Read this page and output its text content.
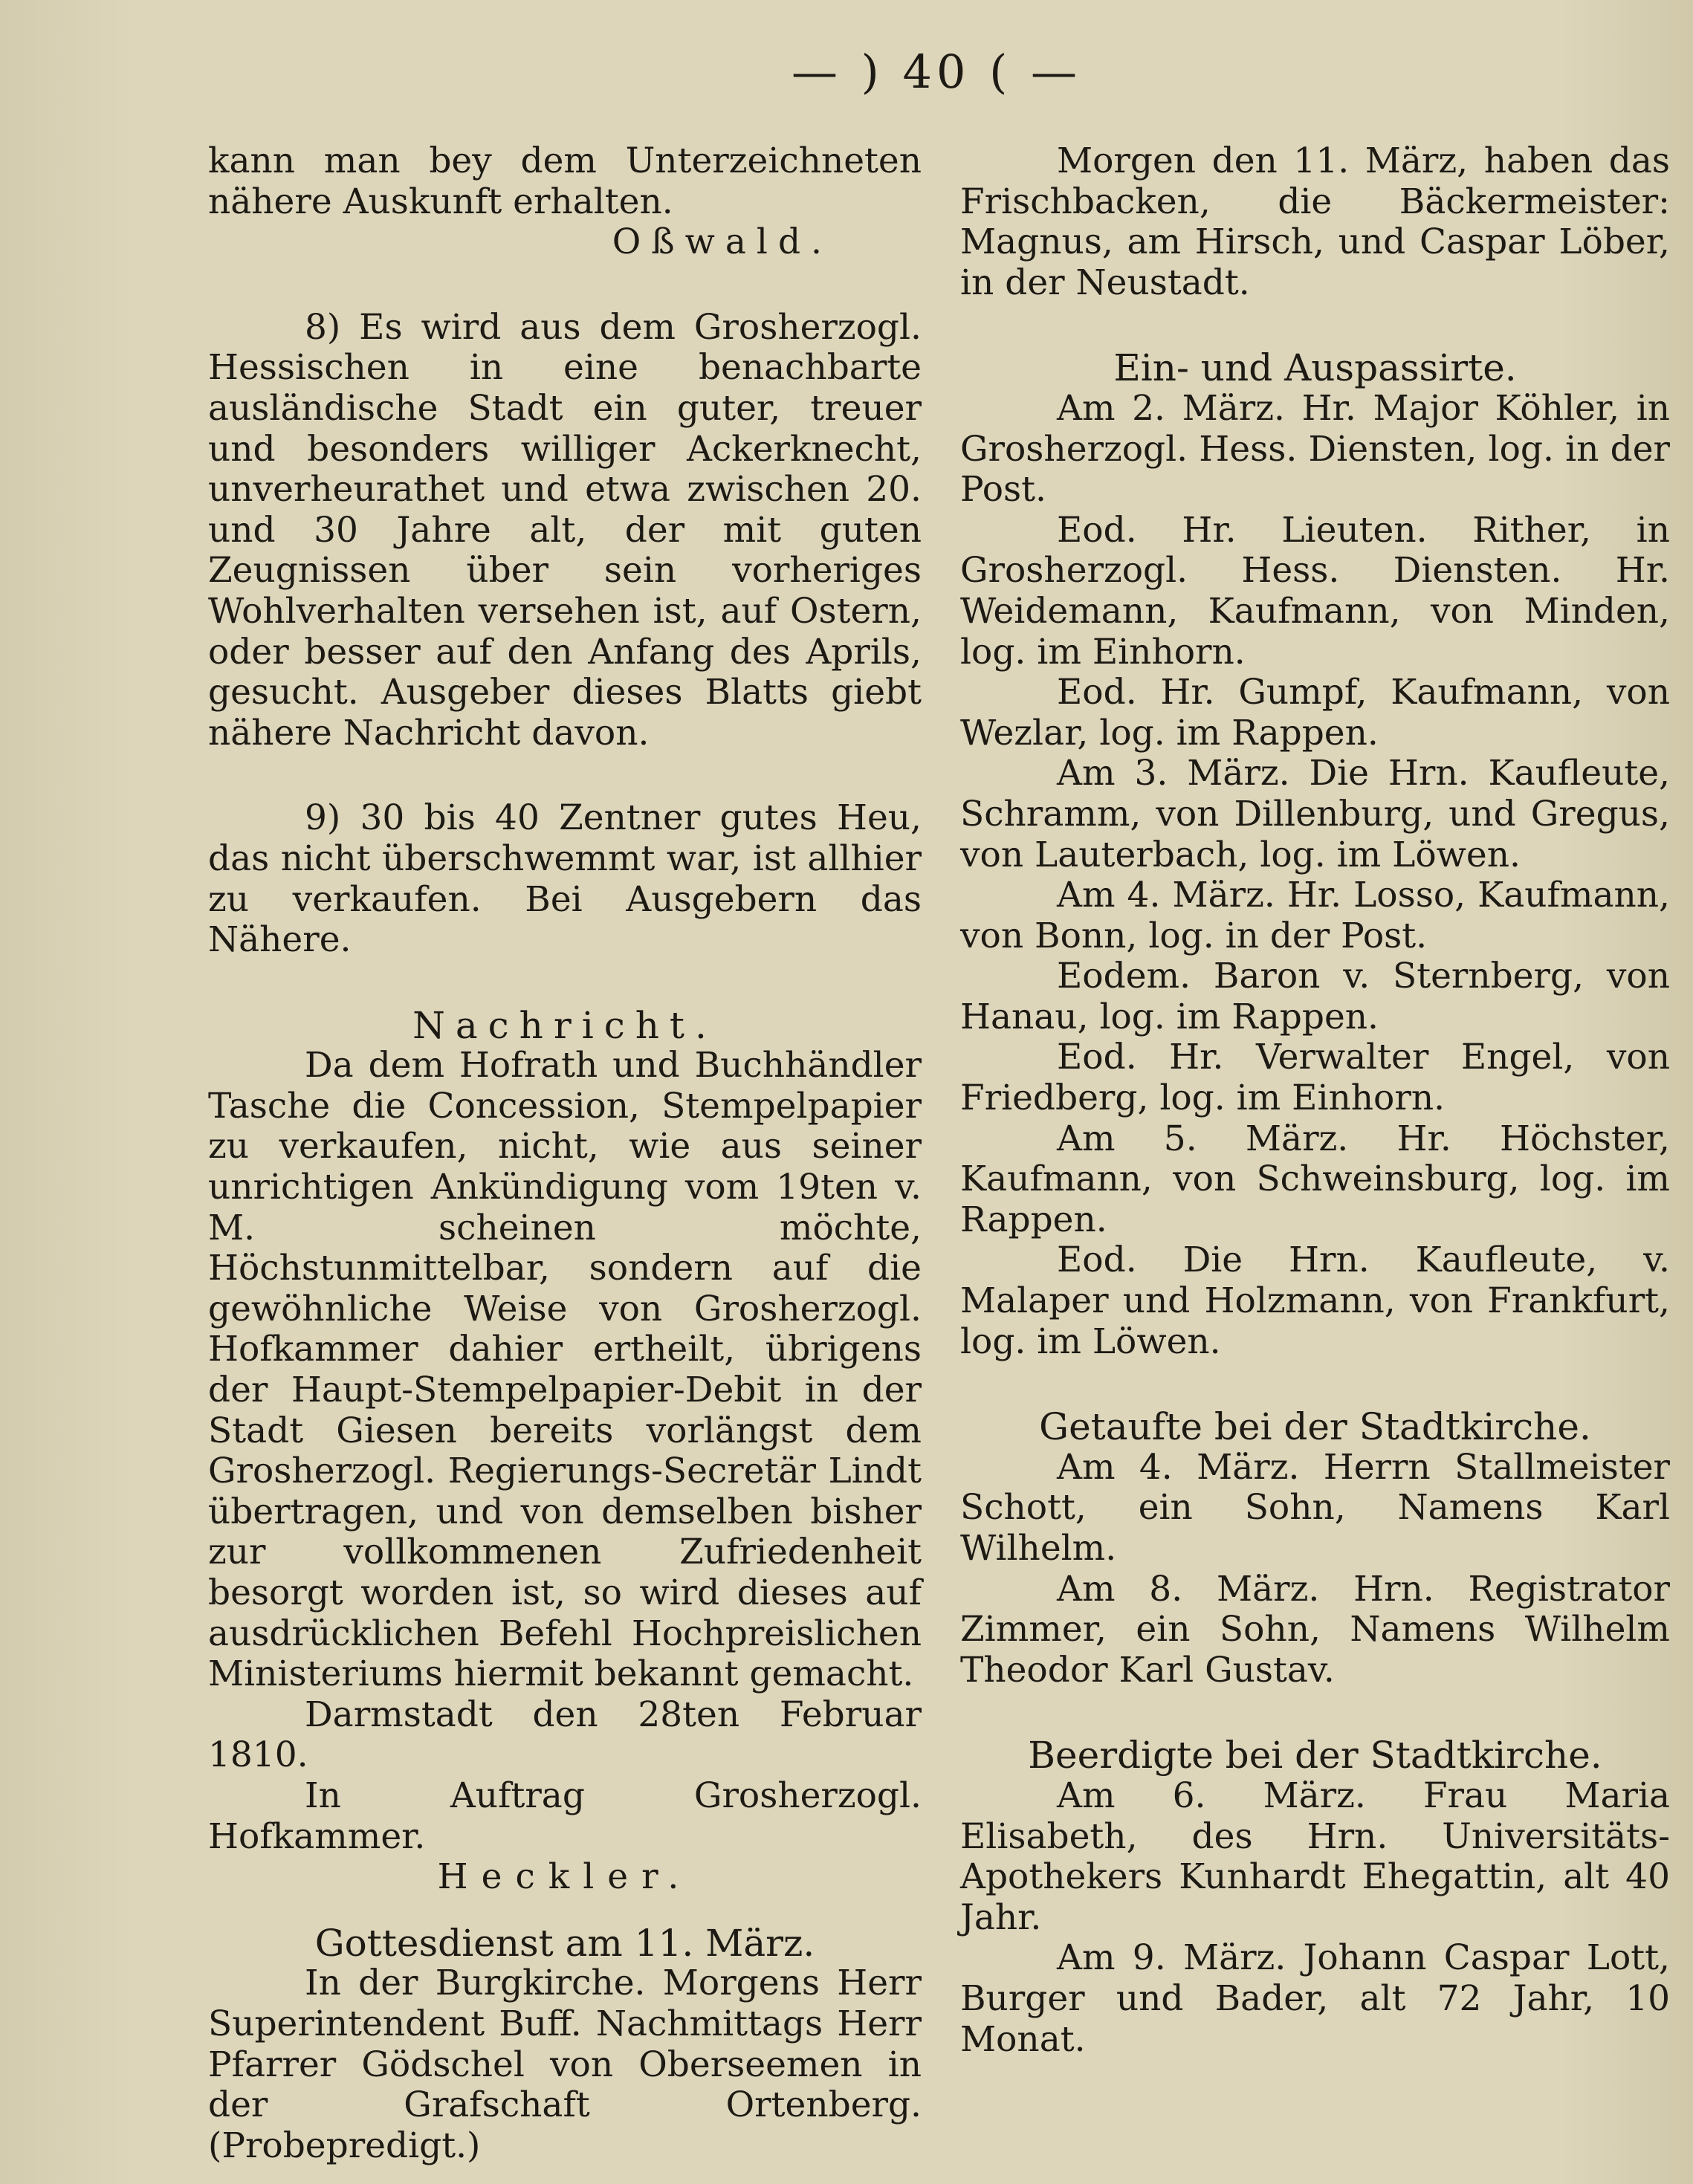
— ) 40 ( —

kann man bey dem Unterzeichneten nähere Auskunft erhalten.

Oßwald.

8) Es wird aus dem Grosherzogl. Hessischen in eine benachbarte ausländische Stadt ein guter, treuer und besonders williger Ackerknecht, unverheurathet und etwa zwischen 20. und 30 Jahre alt, der mit guten Zeugnissen über sein vorheriges Wohlverhalten versehen ist, auf Ostern, oder besser auf den Anfang des Aprils, gesucht. Ausgeber dieses Blatts giebt nähere Nachricht davon.

9) 30 bis 40 Zentner gutes Heu, das nicht überschwemmt war, ist allhier zu verkaufen. Bei Ausgebern das Nähere.

Nachricht.

Da dem Hofrath und Buchhändler Tasche die Concession, Stempelpapier zu verkaufen, nicht, wie aus seiner unrichtigen Ankündigung vom 19ten v. M. scheinen möchte, Höchstunmittelbar, sondern auf die gewöhnliche Weise von Grosherzogl. Hofkammer dahier ertheilt, übrigens der Haupt-Stempelpapier-Debit in der Stadt Giesen bereits vorlängst dem Grosherzogl. Regierungs-Secretär Lindt übertragen, und von demselben bisher zur vollkommenen Zufriedenheit besorgt worden ist, so wird dieses auf ausdrücklichen Befehl Hochpreislichen Ministeriums hiermit bekannt gemacht.

Darmstadt den 28ten Februar 1810.

In Auftrag Grosherzogl. Hofkammer.

Heckler.

Gottesdienst am 11. März.

In der Burgkirche. Morgens Herr Superintendent Buff. Nachmittags Herr Pfarrer Gödschel von Oberseemen in der Grafschaft Ortenberg. (Probepredigt.)

Morgen den 11. März, haben das Frischbacken, die Bäckermeister: Magnus, am Hirsch, und Caspar Löber, in der Neustadt.

Ein- und Auspassirte.

Am 2. März. Hr. Major Köhler, in Grosherzogl. Hess. Diensten, log. in der Post.

Eod. Hr. Lieuten. Rither, in Grosherzogl. Hess. Diensten. Hr. Weidemann, Kaufmann, von Minden, log. im Einhorn.

Eod. Hr. Gumpf, Kaufmann, von Wezlar, log. im Rappen.

Am 3. März. Die Hrn. Kaufleute, Schramm, von Dillenburg, und Gregus, von Lauterbach, log. im Löwen.

Am 4. März. Hr. Losso, Kaufmann, von Bonn, log. in der Post.

Eodem. Baron v. Sternberg, von Hanau, log. im Rappen.

Eod. Hr. Verwalter Engel, von Friedberg, log. im Einhorn.

Am 5. März. Hr. Höchster, Kaufmann, von Schweinsburg, log. im Rappen.

Eod. Die Hrn. Kaufleute, v. Malaper und Holzmann, von Frankfurt, log. im Löwen.

Getaufte bei der Stadtkirche.

Am 4. März. Herrn Stallmeister Schott, ein Sohn, Namens Karl Wilhelm.

Am 8. März. Hrn. Registrator Zimmer, ein Sohn, Namens Wilhelm Theodor Karl Gustav.

Beerdigte bei der Stadtkirche.

Am 6. März. Frau Maria Elisabeth, des Hrn. Universitäts-Apothekers Kunhardt Ehegattin, alt 40 Jahr.

Am 9. März. Johann Caspar Lott, Burger und Bader, alt 72 Jahr, 10 Monat.
